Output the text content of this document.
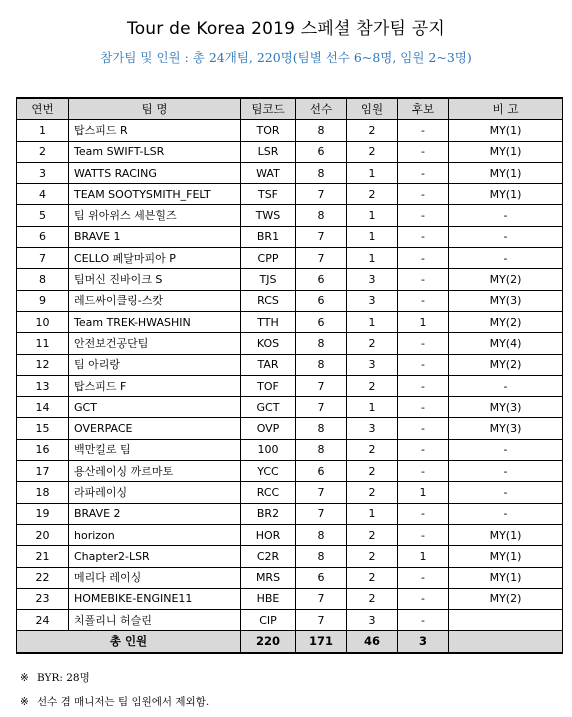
Tour de Korea 2019 스페셜 참가팀 공지
참가팀 및 인원 : 총 24개팀, 220명(팀별 선수 6~8명, 임원 2~3명)
연번	팀 명	팀코드	선수	임원	후보	비 고
1	탑스피드 R	TOR	8	2	-	MY(1)
2	Team SWIFT-LSR	LSR	6	2	-	MY(1)
3	WATTS RACING	WAT	8	1	-	MY(1)
4	TEAM SOOTYSMITH_FELT	TSF	7	2	-	MY(1)
5	팀 위아위스 세븐힐즈	TWS	8	1	-	-
6	BRAVE 1	BR1	7	1	-	-
7	CELLO 페달마피아 P	CPP	7	1	-	-
8	팀머신 진바이크 S	TJS	6	3	-	MY(2)
9	레드싸이클링-스캇	RCS	6	3	-	MY(3)
10	Team TREK-HWASHIN	TTH	6	1	1	MY(2)
11	안전보건공단팀	KOS	8	2	-	MY(4)
12	팀 아리랑	TAR	8	3	-	MY(2)
13	탑스피드 F	TOF	7	2	-	-
14	GCT	GCT	7	1	-	MY(3)
15	OVERPACE	OVP	8	3	-	MY(3)
16	백만킬로 팀	100	8	2	-	-
17	용산레이싱 까르마토	YCC	6	2	-	-
18	라파레이싱	RCC	7	2	1	-
19	BRAVE 2	BR2	7	1	-	-
20	horizon	HOR	8	2	-	MY(1)
21	Chapter2-LSR	C2R	8	2	1	MY(1)
22	메리다 레이싱	MRS	6	2	-	MY(1)
23	HOMEBIKE-ENGINE11	HBE	7	2	-	MY(2)
24	치폴리니 허슬린	CIP	7	3	-	
총 인원		220	171	46	3	
※ BYR: 28명
※ 선수 겸 매니저는 팀 임원에서 제외함.
